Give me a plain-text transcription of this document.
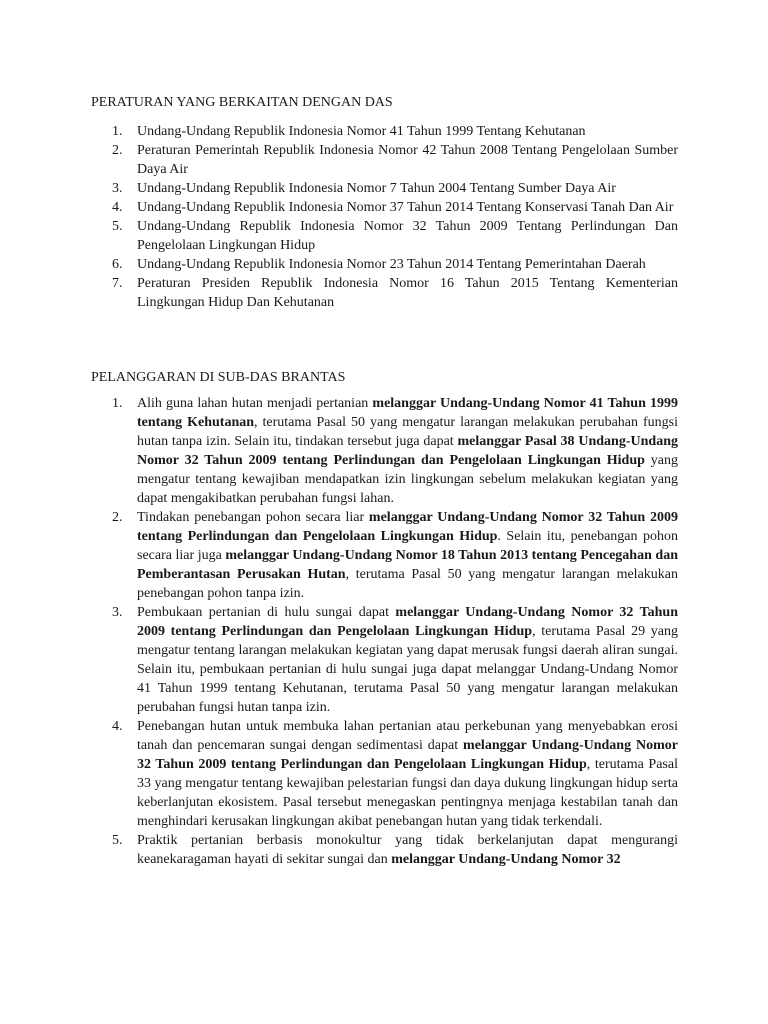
PERATURAN YANG BERKAITAN DENGAN DAS
1. Undang-Undang Republik Indonesia Nomor 41 Tahun 1999 Tentang Kehutanan
2. Peraturan Pemerintah Republik Indonesia Nomor 42 Tahun 2008 Tentang Pengelolaan Sumber Daya Air
3. Undang-Undang Republik Indonesia Nomor 7 Tahun 2004 Tentang Sumber Daya Air
4. Undang-Undang Republik Indonesia Nomor 37 Tahun 2014 Tentang Konservasi Tanah Dan Air
5. Undang-Undang Republik Indonesia Nomor 32 Tahun 2009 Tentang Perlindungan Dan Pengelolaan Lingkungan Hidup
6. Undang-Undang Republik Indonesia Nomor 23 Tahun 2014 Tentang Pemerintahan Daerah
7. Peraturan Presiden Republik Indonesia Nomor 16 Tahun 2015 Tentang Kementerian Lingkungan Hidup Dan Kehutanan
PELANGGARAN DI SUB-DAS BRANTAS
1. Alih guna lahan hutan menjadi pertanian melanggar Undang-Undang Nomor 41 Tahun 1999 tentang Kehutanan, terutama Pasal 50 yang mengatur larangan melakukan perubahan fungsi hutan tanpa izin. Selain itu, tindakan tersebut juga dapat melanggar Pasal 38 Undang-Undang Nomor 32 Tahun 2009 tentang Perlindungan dan Pengelolaan Lingkungan Hidup yang mengatur tentang kewajiban mendapatkan izin lingkungan sebelum melakukan kegiatan yang dapat mengakibatkan perubahan fungsi lahan.
2. Tindakan penebangan pohon secara liar melanggar Undang-Undang Nomor 32 Tahun 2009 tentang Perlindungan dan Pengelolaan Lingkungan Hidup. Selain itu, penebangan pohon secara liar juga melanggar Undang-Undang Nomor 18 Tahun 2013 tentang Pencegahan dan Pemberantasan Perusakan Hutan, terutama Pasal 50 yang mengatur larangan melakukan penebangan pohon tanpa izin.
3. Pembukaan pertanian di hulu sungai dapat melanggar Undang-Undang Nomor 32 Tahun 2009 tentang Perlindungan dan Pengelolaan Lingkungan Hidup, terutama Pasal 29 yang mengatur tentang larangan melakukan kegiatan yang dapat merusak fungsi daerah aliran sungai. Selain itu, pembukaan pertanian di hulu sungai juga dapat melanggar Undang-Undang Nomor 41 Tahun 1999 tentang Kehutanan, terutama Pasal 50 yang mengatur larangan melakukan perubahan fungsi hutan tanpa izin.
4. Penebangan hutan untuk membuka lahan pertanian atau perkebunan yang menyebabkan erosi tanah dan pencemaran sungai dengan sedimentasi dapat melanggar Undang-Undang Nomor 32 Tahun 2009 tentang Perlindungan dan Pengelolaan Lingkungan Hidup, terutama Pasal 33 yang mengatur tentang kewajiban pelestarian fungsi dan daya dukung lingkungan hidup serta keberlanjutan ekosistem. Pasal tersebut menegaskan pentingnya menjaga kestabilan tanah dan menghindari kerusakan lingkungan akibat penebangan hutan yang tidak terkendali.
5. Praktik pertanian berbasis monokultur yang tidak berkelanjutan dapat mengurangi keanekaragaman hayati di sekitar sungai dan melanggar Undang-Undang Nomor 32
